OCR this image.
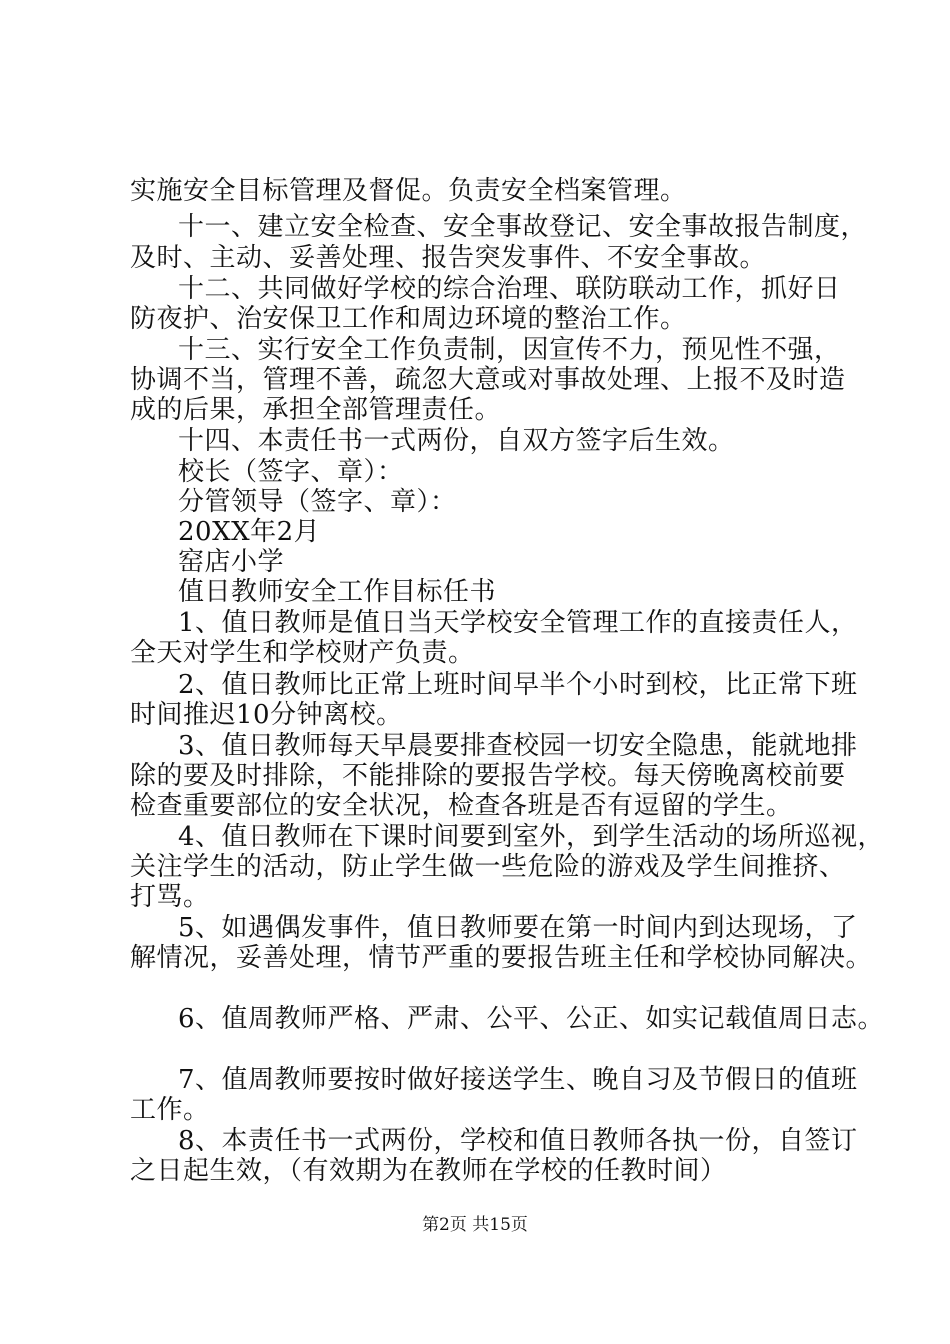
实施安全目标管理及督促。负责安全档案管理。
十一、建立安全检查、安全事故登记、安全事故报告制度，
及时、主动、妥善处理、报告突发事件、不安全事故。
十二、共同做好学校的综合治理、联防联动工作，抓好日
防夜护、治安保卫工作和周边环境的整治工作。
十三、实行安全工作负责制，因宣传不力，预见性不强，
协调不当，管理不善，疏忽大意或对事故处理、上报不及时造
成的后果，承担全部管理责任。
十四、本责任书一式两份，自双方签字后生效。
校长（签字、章）：
分管领导（签字、章）：
20XX年2月
窑店小学
值日教师安全工作目标任书
1、值日教师是值日当天学校安全管理工作的直接责任人，
全天对学生和学校财产负责。
2、值日教师比正常上班时间早半个小时到校，比正常下班
时间推迟10分钟离校。
3、值日教师每天早晨要排查校园一切安全隐患，能就地排
除的要及时排除，不能排除的要报告学校。每天傍晚离校前要
检查重要部位的安全状况，检查各班是否有逗留的学生。
4、值日教师在下课时间要到室外，到学生活动的场所巡视，
关注学生的活动，防止学生做一些危险的游戏及学生间推挤、
打骂。
5、如遇偶发事件，值日教师要在第一时间内到达现场，了
解情况，妥善处理，情节严重的要报告班主任和学校协同解决。
6、值周教师严格、严肃、公平、公正、如实记载值周日志。
7、值周教师要按时做好接送学生、晚自习及节假日的值班
工作。
8、本责任书一式两份，学校和值日教师各执一份，自签订
之日起生效，（有效期为在教师在学校的任教时间）
第2页 共15页
